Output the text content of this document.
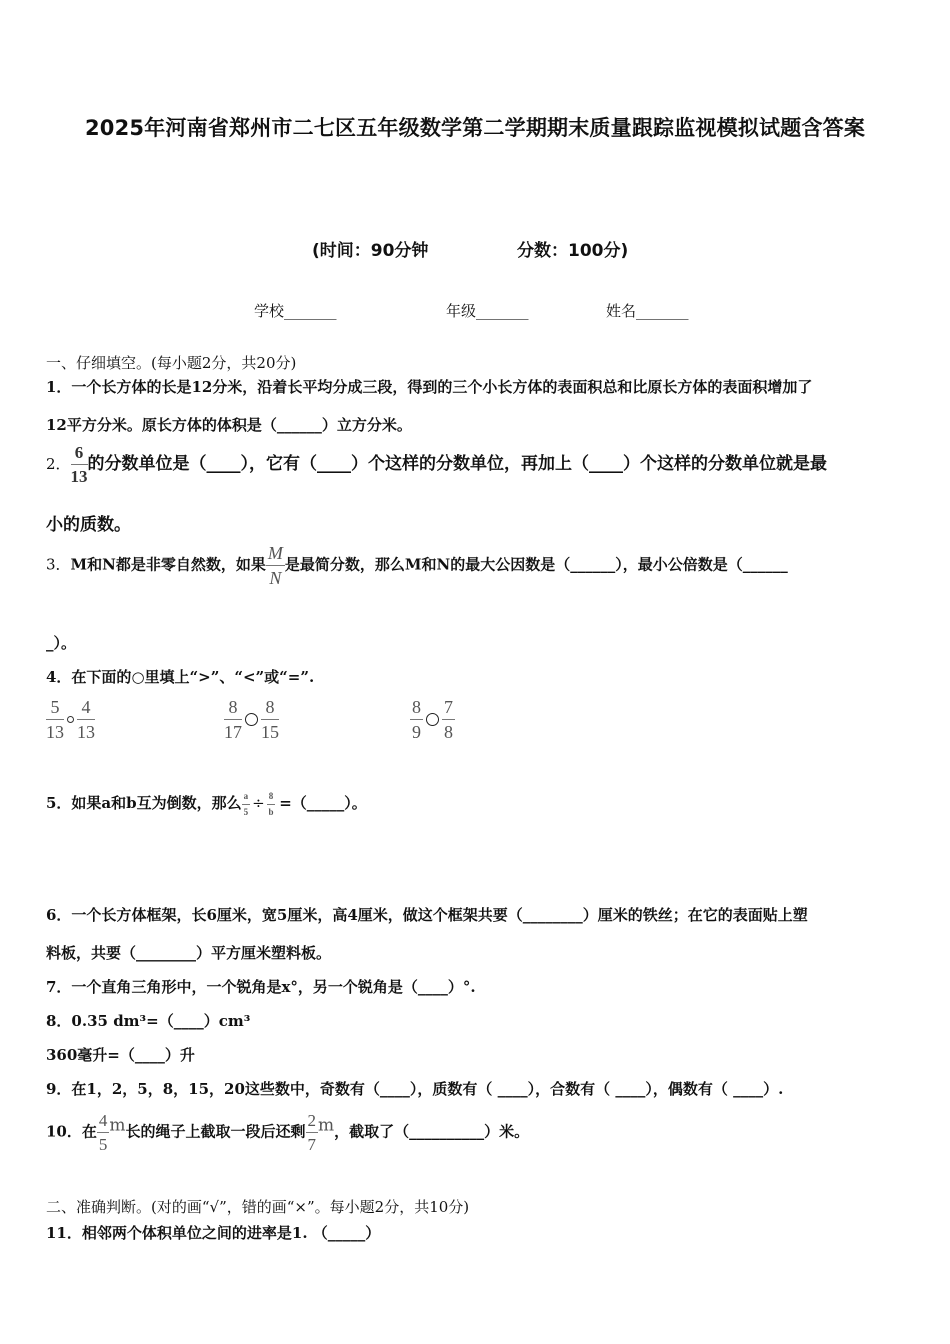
2025年河南省郑州市二七区五年级数学第二学期期末质量跟踪监视模拟试题含答案
(时间：90分钟	分数：100分)
学校_______	年级_______	姓名_______
一、仔细填空。(每小题2分，共20分)
1．一个长方体的长是12分米，沿着长平均分成三段，得到的三个小长方体的表面积总和比原长方体的表面积增加了
12平方分米。原长方体的体积是（______）立方分米。
2． $\frac{6}{13}$ 的分数单位是（____），它有（____）个这样的分数单位，再加上（____）个这样的分数单位就是最
小的质数。
3．M和N都是非零自然数，如果 $\frac{M}{N}$ 是最简分数，那么M和N的最大公因数是（______），最小公倍数是（______
_）。
4．在下面的○里填上“>”、“<”或“=”.
$\frac{5}{13} \frac{4}{13}$	$\frac{8}{17} \frac{8}{15}$	$\frac{8}{9} \frac{7}{8}$
5．如果a和b互为倒数，那么 $\frac{a}{5} \div \frac{8}{b}$ =（_____）。
6．一个长方体框架，长6厘米，宽5厘米，高4厘米，做这个框架共要（________）厘米的铁丝；在它的表面贴上塑
料板，共要（________）平方厘米塑料板。
7．一个直角三角形中，一个锐角是x°，另一个锐角是（____）°.
8．0.35 dm³=（____）cm³
360毫升=（____）升
9．在1，2，5，8，15，20这些数中，奇数有（____），质数有（ ____），合数有（ ____），偶数有（ ____）.
10．在 $\frac{4}{5}$ m长的绳子上截取一段后还剩 $\frac{2}{7}$ m，截取了（__________）米。
二、准确判断。(对的画“√”，错的画“×”。每小题2分，共10分)
11．相邻两个体积单位之间的进率是1. （_____）
